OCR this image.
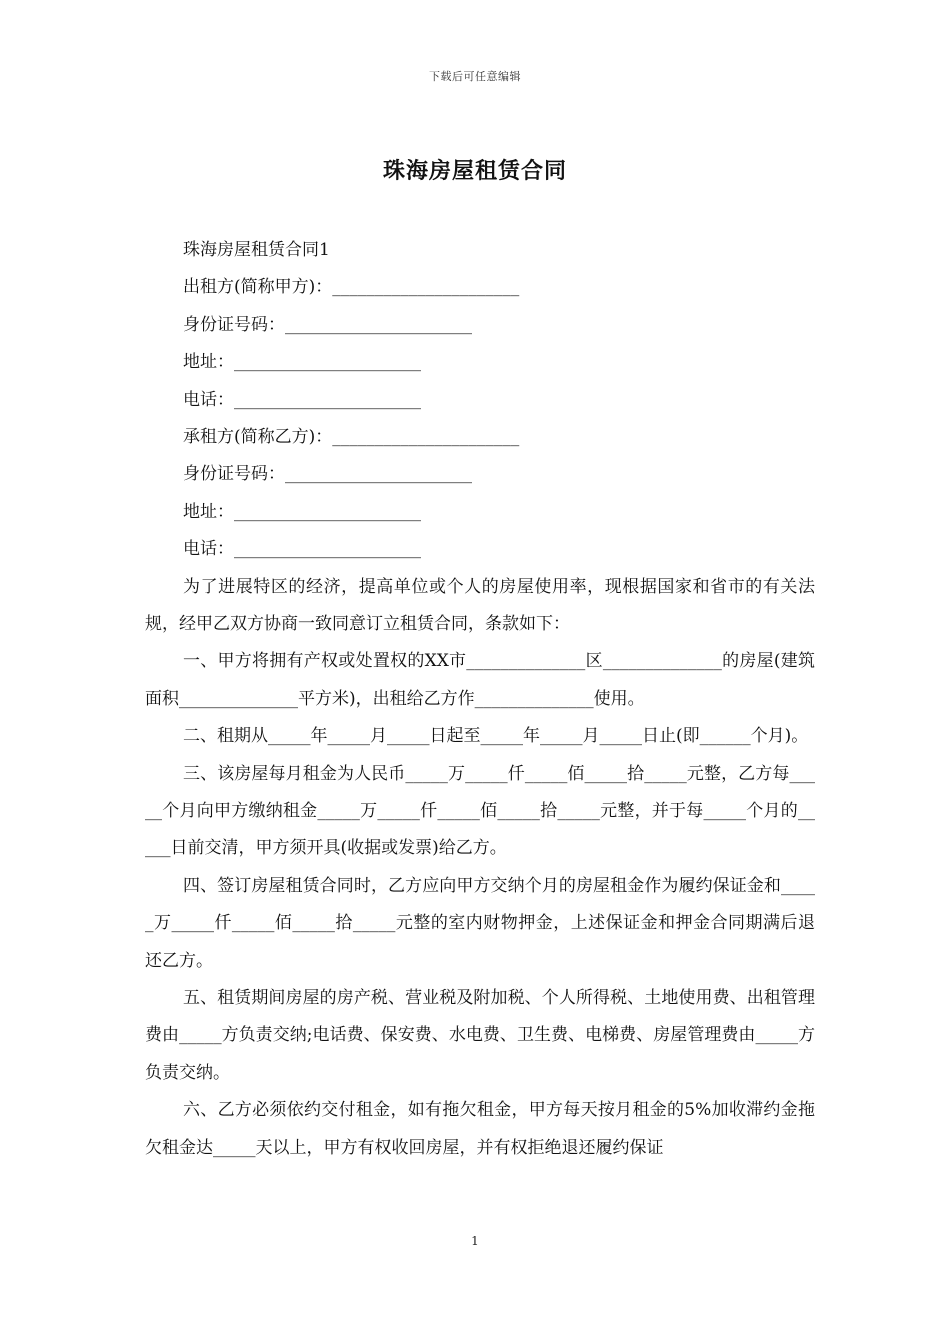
下载后可任意编辑
珠海房屋租赁合同
珠海房屋租赁合同1
出租方(简称甲方)：______________________
身份证号码：______________________
地址：______________________
电话：______________________
承租方(简称乙方)：______________________
身份证号码：______________________
地址：______________________
电话：______________________
为了进展特区的经济，提高单位或个人的房屋使用率，现根据国家和省市的有关法规，经甲乙双方协商一致同意订立租赁合同，条款如下：
一、甲方将拥有产权或处置权的XX市______________区______________的房屋(建筑面积______________平方米)，出租给乙方作______________使用。
二、租期从_____年_____月_____日起至_____年_____月_____日止(即______个月)。
三、该房屋每月租金为人民币_____万_____仟_____佰_____拾_____元整，乙方每_____个月向甲方缴纳租金_____万_____仟_____佰_____拾_____元整，并于每_____个月的_____日前交清，甲方须开具(收据或发票)给乙方。
四、签订房屋租赁合同时，乙方应向甲方交纳个月的房屋租金作为履约保证金和_____万_____仟_____佰_____拾_____元整的室内财物押金，上述保证金和押金合同期满后退还乙方。
五、租赁期间房屋的房产税、营业税及附加税、个人所得税、土地使用费、出租管理费由_____方负责交纳;电话费、保安费、水电费、卫生费、电梯费、房屋管理费由_____方负责交纳。
六、乙方必须依约交付租金，如有拖欠租金，甲方每天按月租金的5%加收滞约金拖欠租金达_____天以上，甲方有权收回房屋，并有权拒绝退还履约保证
1
